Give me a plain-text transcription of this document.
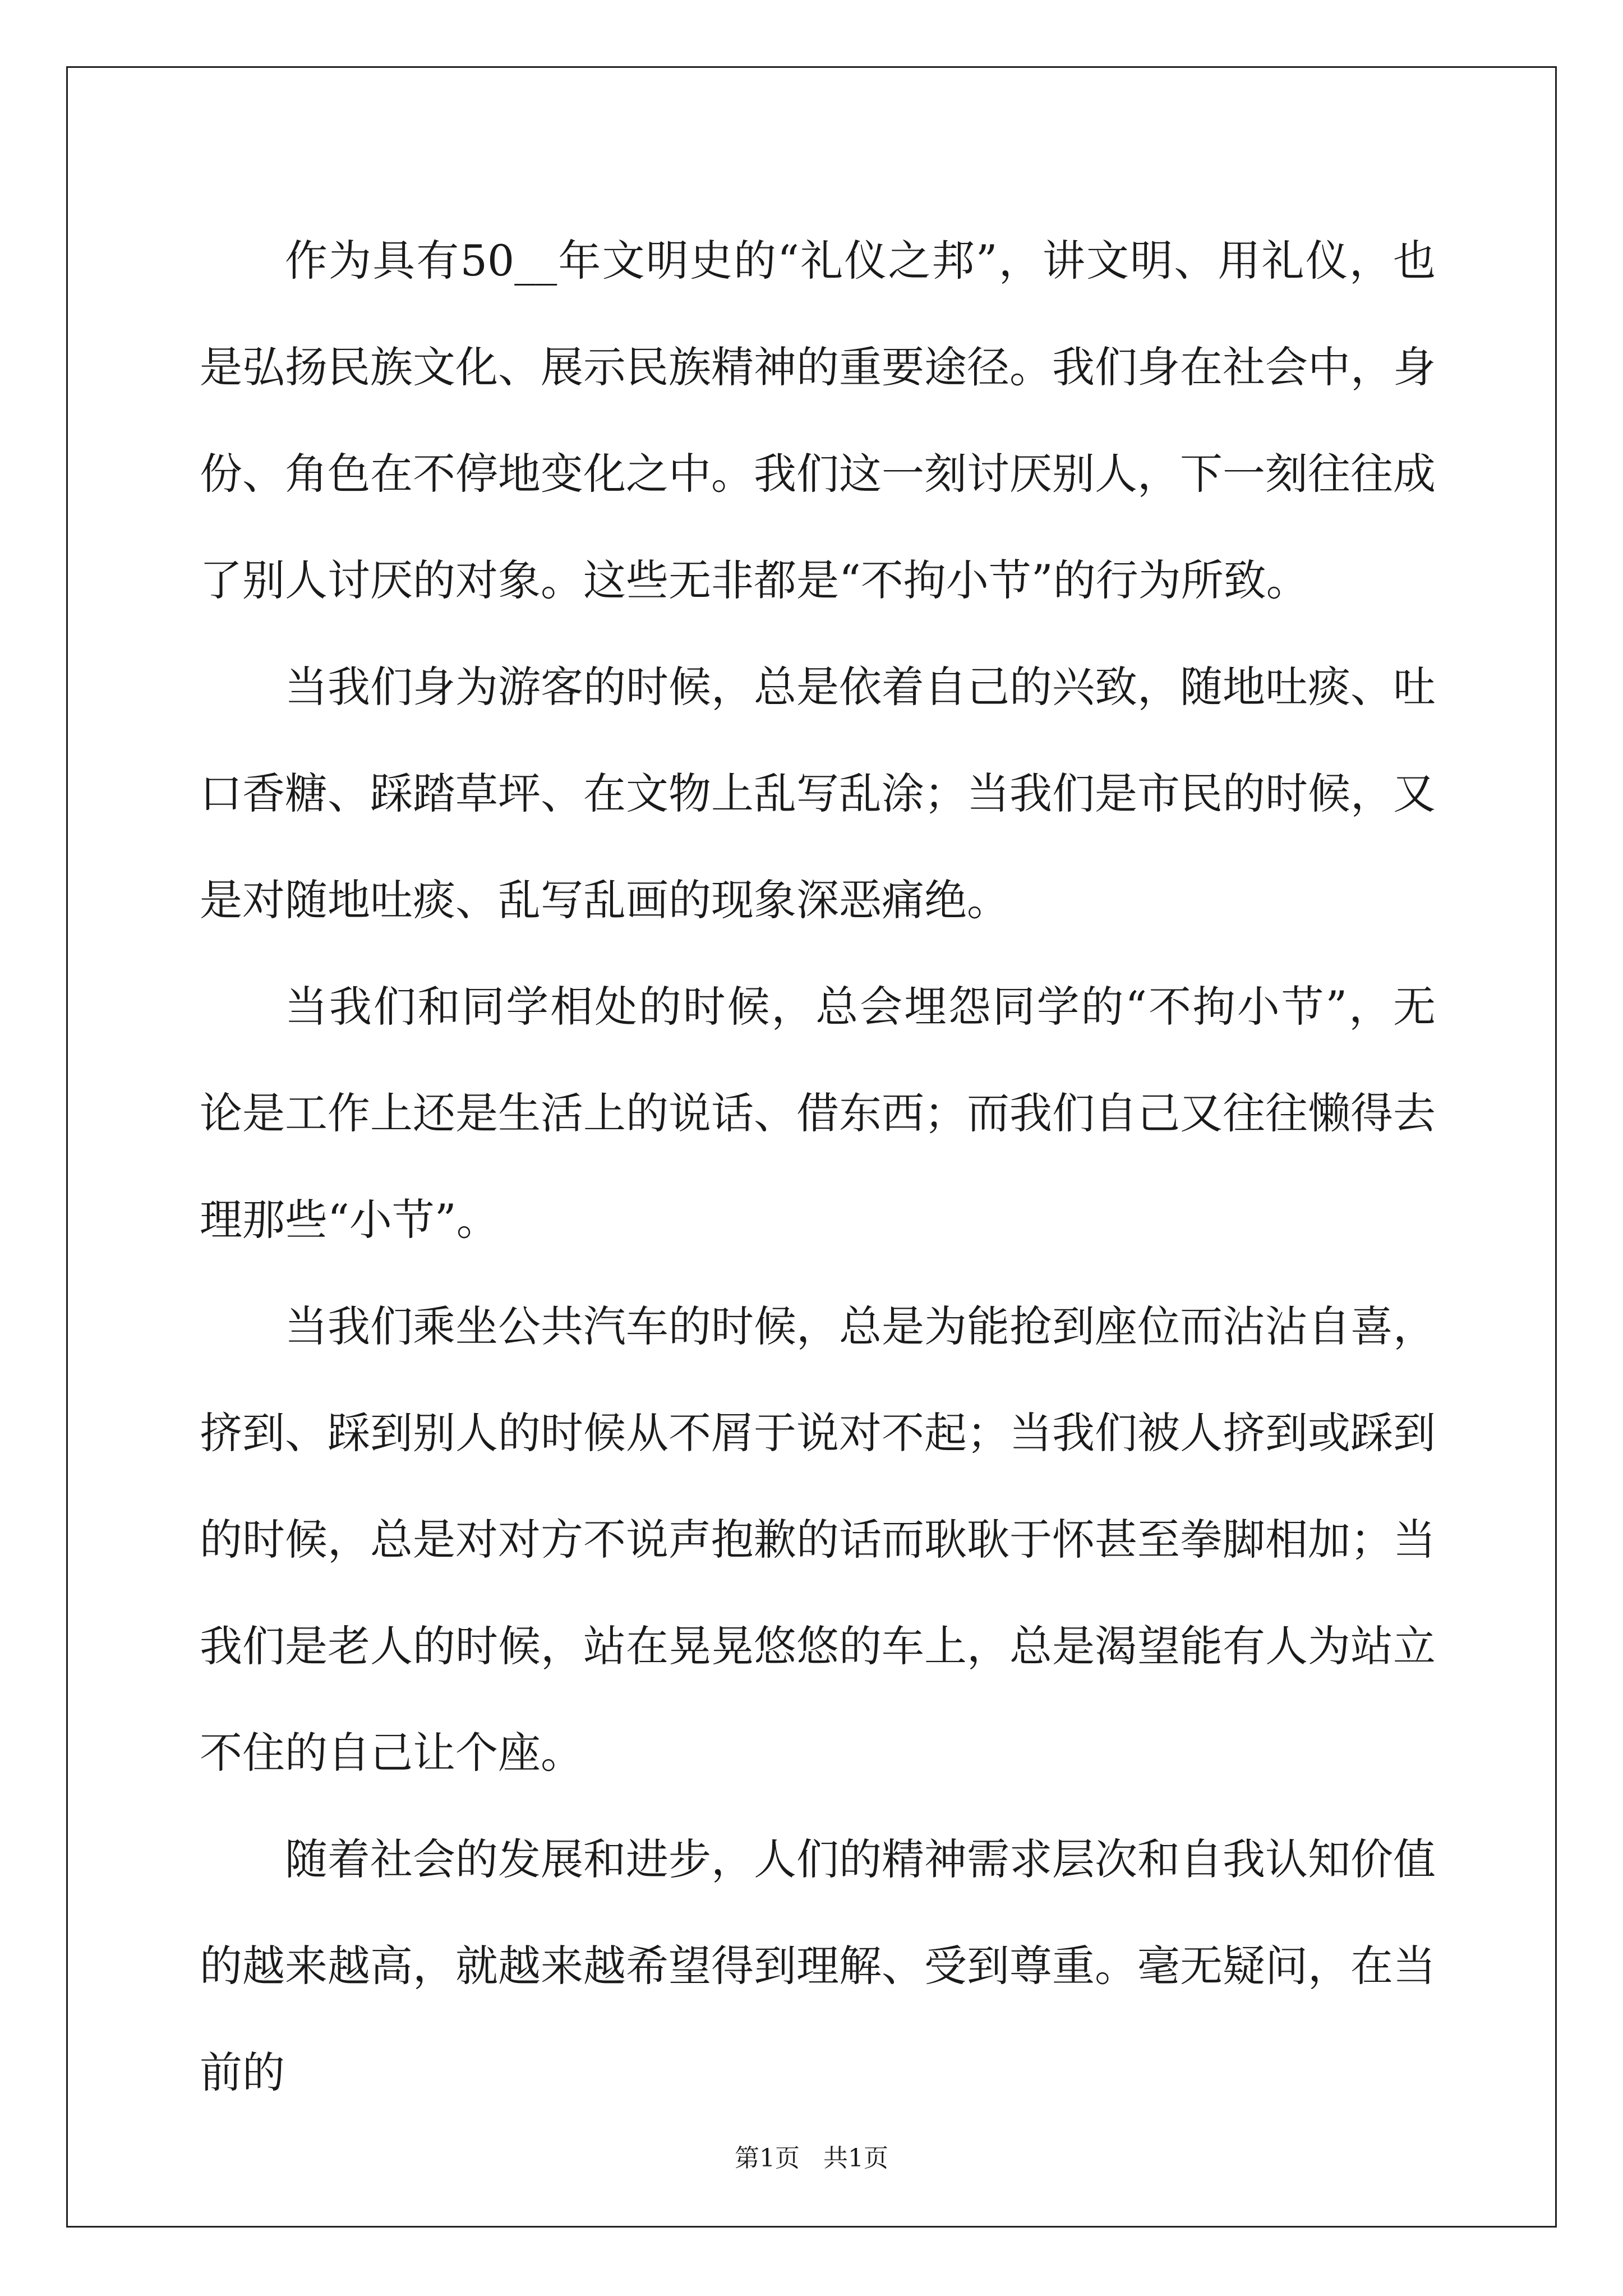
作为具有50__年文明史的“礼仪之邦”，讲文明、用礼仪，也是弘扬民族文化、展示民族精神的重要途径。我们身在社会中，身份、角色在不停地变化之中。我们这一刻讨厌别人，下一刻往往成了别人讨厌的对象。这些无非都是“不拘小节”的行为所致。

当我们身为游客的时候，总是依着自己的兴致，随地吐痰、吐口香糖、踩踏草坪、在文物上乱写乱涂；当我们是市民的时候，又是对随地吐痰、乱写乱画的现象深恶痛绝。

当我们和同学相处的时候，总会埋怨同学的“不拘小节”，无论是工作上还是生活上的说话、借东西；而我们自己又往往懒得去理那些“小节”。

当我们乘坐公共汽车的时候，总是为能抢到座位而沾沾自喜，挤到、踩到别人的时候从不屑于说对不起；当我们被人挤到或踩到的时候，总是对对方不说声抱歉的话而耿耿于怀甚至拳脚相加；当我们是老人的时候，站在晃晃悠悠的车上，总是渴望能有人为站立不住的自己让个座。

随着社会的发展和进步，人们的精神需求层次和自我认知价值的越来越高，就越来越希望得到理解、受到尊重。毫无疑问，在当前的

第1页 共1页
